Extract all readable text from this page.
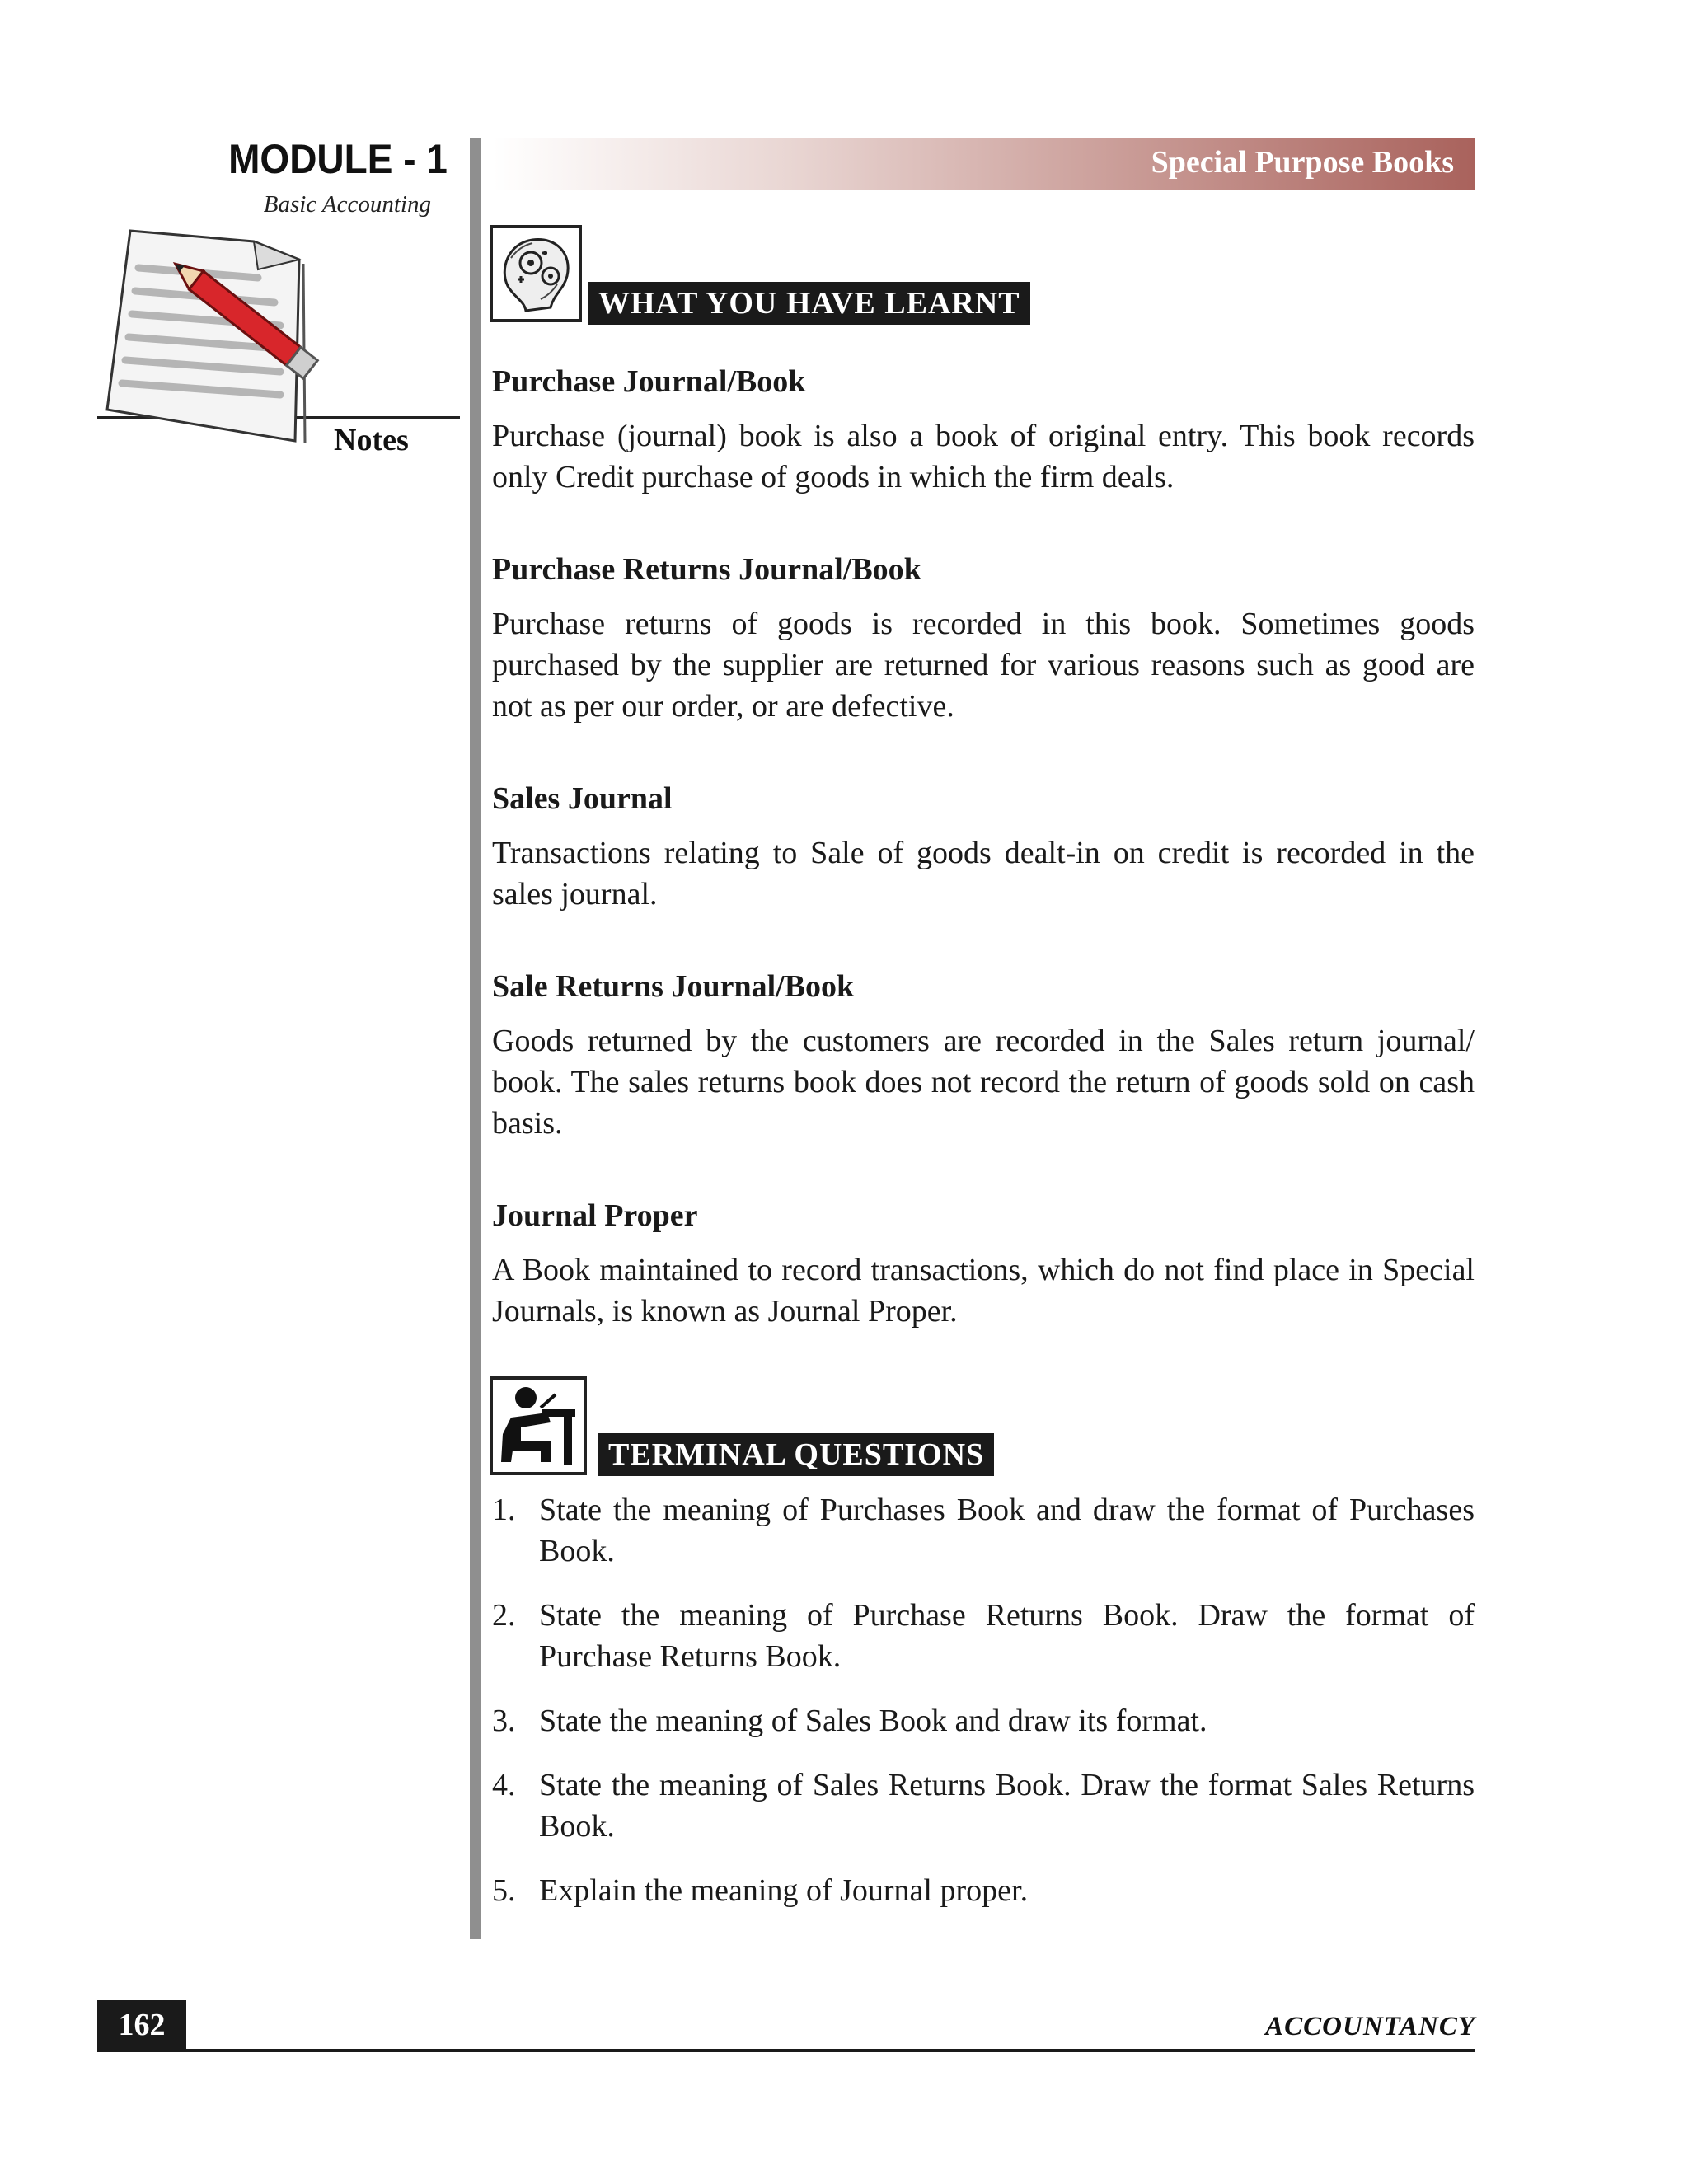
MODULE - 1
Basic Accounting
Notes
Special Purpose Books
WHAT YOU HAVE LEARNT

Purchase Journal/Book

Purchase (journal) book is also a book of original entry. This book records only Credit purchase of goods in which the firm deals.

Purchase Returns Journal/Book

Purchase returns of goods is recorded in this book. Sometimes goods purchased by the supplier are returned for various reasons such as good are not as per our order, or are defective.

Sales Journal

Transactions relating to Sale of goods dealt-in on credit is recorded in the sales journal.

Sale Returns Journal/Book

Goods returned by the customers are recorded in the Sales return journal/ book. The sales returns book does not record the return of goods sold on cash basis.

Journal Proper

A Book maintained to record transactions, which do not find place in Special Journals, is known as Journal Proper.

TERMINAL QUESTIONS
1. State the meaning of Purchases Book and draw the format of Purchases Book.
2. State the meaning of Purchase Returns Book. Draw the format of Purchase Returns Book.
3. State the meaning of Sales Book and draw its format.
4. State the meaning of Sales Returns Book. Draw the format Sales Returns Book.
5. Explain the meaning of Journal proper.
162	ACCOUNTANCY
